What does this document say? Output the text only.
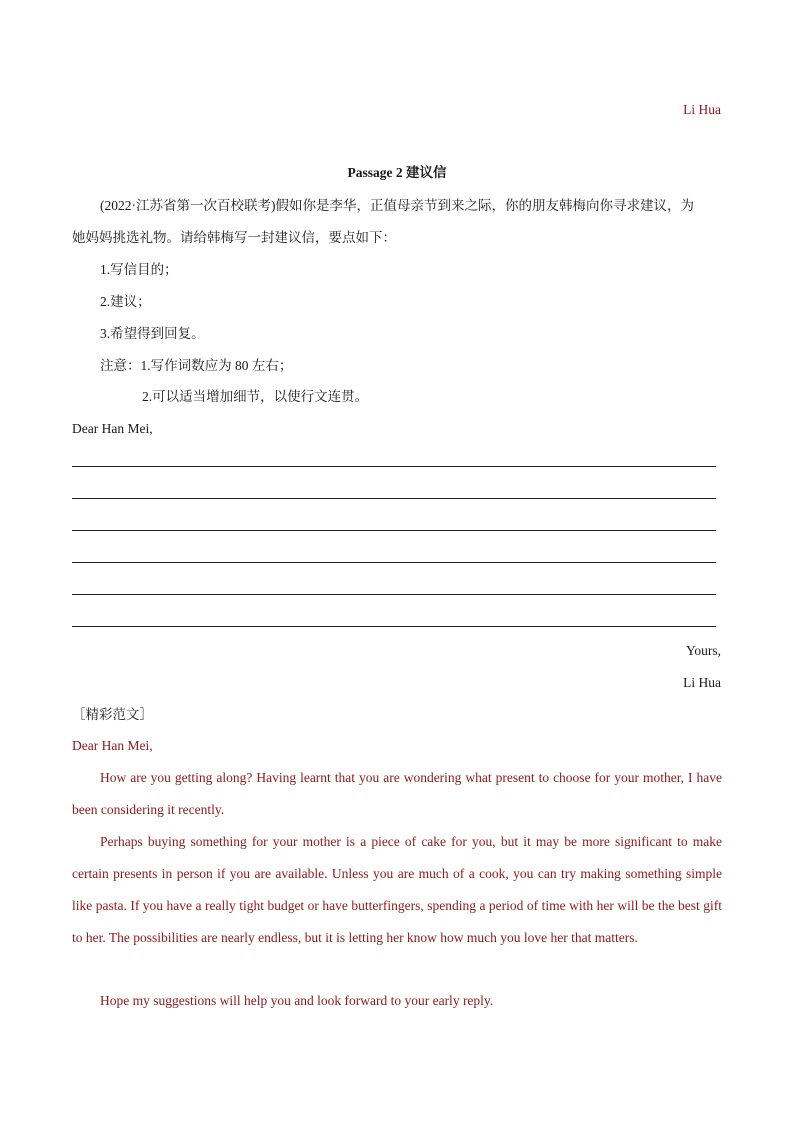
Li Hua
Passage 2 建议信
(2022·江苏省第一次百校联考)假如你是李华，正值母亲节到来之际，你的朋友韩梅向你寻求建议，为
她妈妈挑选礼物。请给韩梅写一封建议信，要点如下：
1.写信目的；
2.建议；
3.希望得到回复。
注意：1.写作词数应为 80 左右；
2.可以适当增加细节，以使行文连贯。
Dear Han Mei,
Yours,
Li Hua
［精彩范文］
Dear Han Mei,
How are you getting along? Having learnt that you are wondering what present to choose for your mother, I have been considering it recently.
Perhaps buying something for your mother is a piece of cake for you, but it may be more significant to make certain presents in person if you are available. Unless you are much of a cook, you can try making something simple like pasta. If you have a really tight budget or have butterfingers, spending a period of time with her will be the best gift to her. The possibilities are nearly endless, but it is letting her know how much you love her that matters.
Hope my suggestions will help you and look forward to your early reply.
